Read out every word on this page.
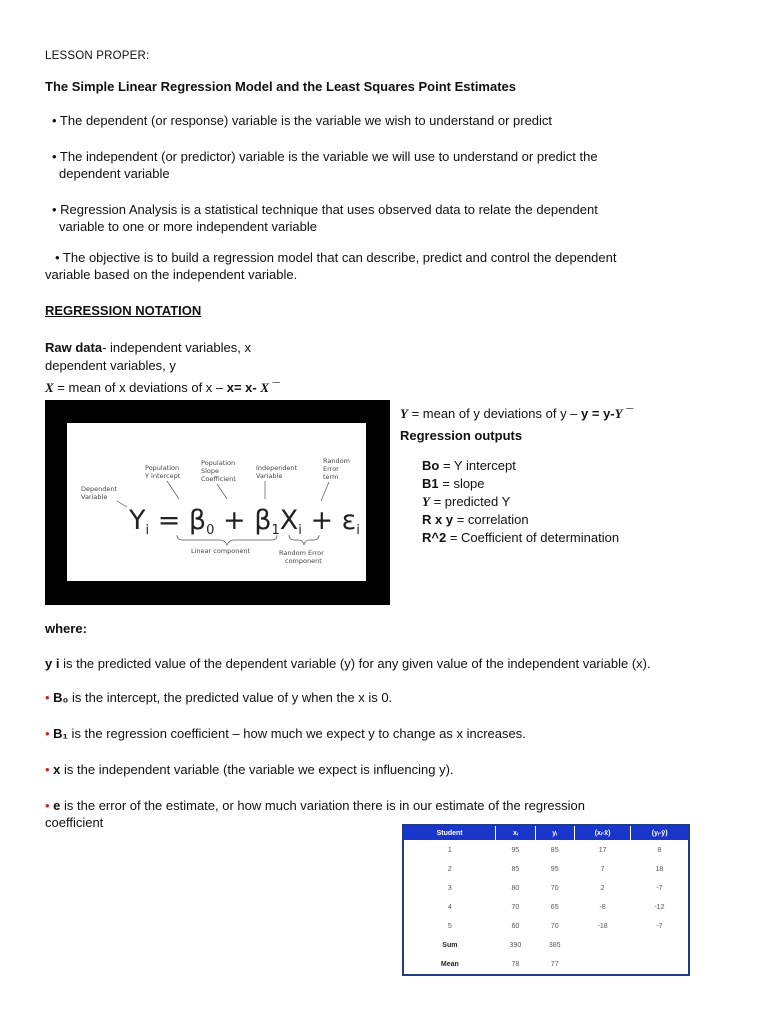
LESSON PROPER:
The Simple Linear Regression Model and the Least Squares Point Estimates
• The dependent (or response) variable is the variable we wish to understand or predict
• The independent (or predictor) variable is the variable we will use to understand or predict the
dependent variable
• Regression Analysis is a statistical technique that uses observed data to relate the dependent
variable to one or more independent variable
• The objective is to build a regression model that can describe, predict and control the dependent
variable based on the independent variable.
REGRESSION NOTATION
Raw data- independent variables, x
dependent variables, y
X = mean of x deviations of x – x= x- X ¯
Population
Y intercept
Population
Slope
Coefficient
Independent
Variable
Random
Error
term
Dependent
Variable
Linear component	Random Error
component
Yi = β0 + β1Xi + εi
Y = mean of y deviations of y – y = y-Y ¯
Regression outputs
Bo = Y intercept
B1 = slope
Y = predicted Y
R x y = correlation
R^2 = Coefficient of determination
where:
y i is the predicted value of the dependent variable (y) for any given value of the independent variable (x).
• B₀ is the intercept, the predicted value of y when the x is 0.
• B₁ is the regression coefficient – how much we expect y to change as x increases.
• x is the independent variable (the variable we expect is influencing y).
• e is the error of the estimate, or how much variation there is in our estimate of the regression
coefficient
Student	xᵢ	yᵢ	(xᵢ-x̄)	(yᵢ-ȳ)
1	95	85	17	8
2	85	95	7	18
3	80	70	2	-7
4	70	65	-8	-12
5	60	70	-18	-7
Sum	390	385		
Mean	78	77		
